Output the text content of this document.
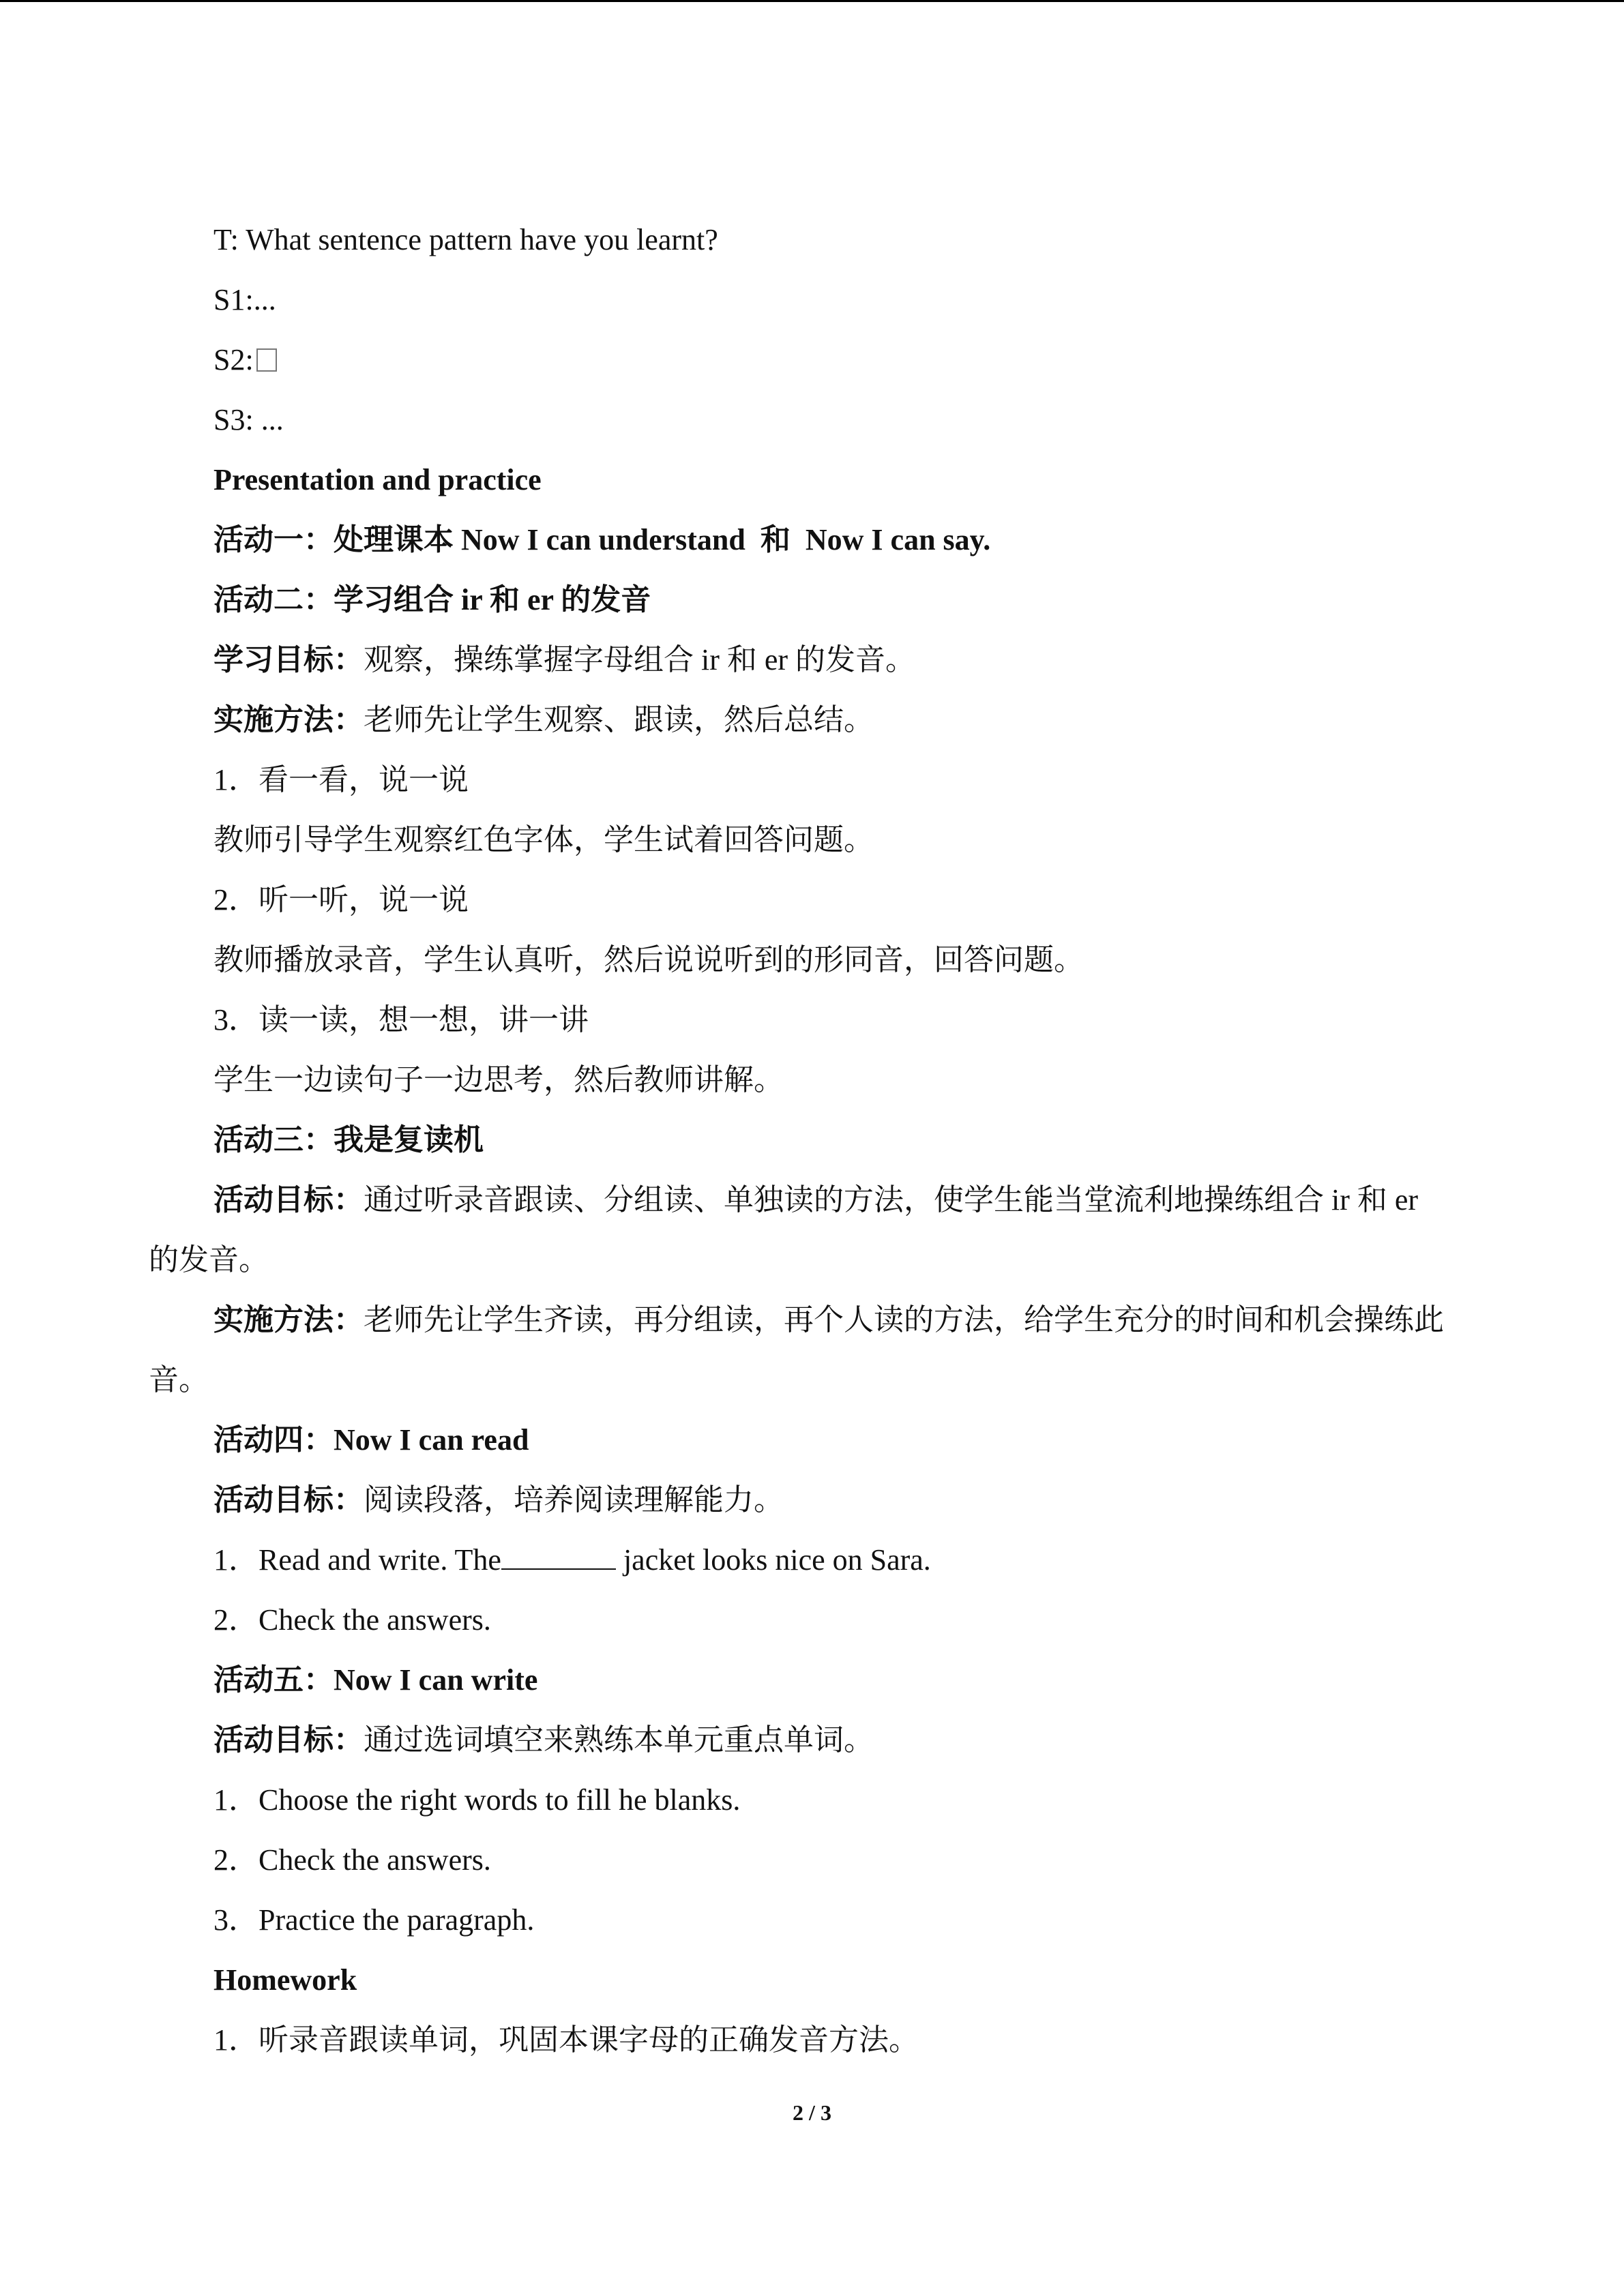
T: What sentence pattern have you learnt?
S1:...
S2:
S3: ...
Presentation and practice
活动一：处理课本 Now I can understand 和 Now I can say.
活动二：学习组合 ir 和 er 的发音
学习目标：观察，操练掌握字母组合 ir 和 er 的发音。
实施方法：老师先让学生观察、跟读，然后总结。
1．看一看，说一说
教师引导学生观察红色字体，学生试着回答问题。
2．听一听，说一说
教师播放录音，学生认真听，然后说说听到的形同音，回答问题。
3．读一读，想一想，讲一讲
学生一边读句子一边思考，然后教师讲解。
活动三：我是复读机
活动目标：通过听录音跟读、分组读、单独读的方法，使学生能当堂流利地操练组合 ir 和 er 的发音。
实施方法：老师先让学生齐读，再分组读，再个人读的方法，给学生充分的时间和机会操练此音。
活动四：Now I can read
活动目标：阅读段落，培养阅读理解能力。
1．Read and write. The	jacket looks nice on Sara.
2．Check the answers.
活动五：Now I can write
活动目标：通过选词填空来熟练本单元重点单词。
1．Choose the right words to fill he blanks.
2．Check the answers.
3．Practice the paragraph.
Homework
1．听录音跟读单词，巩固本课字母的正确发音方法。
2 / 3
